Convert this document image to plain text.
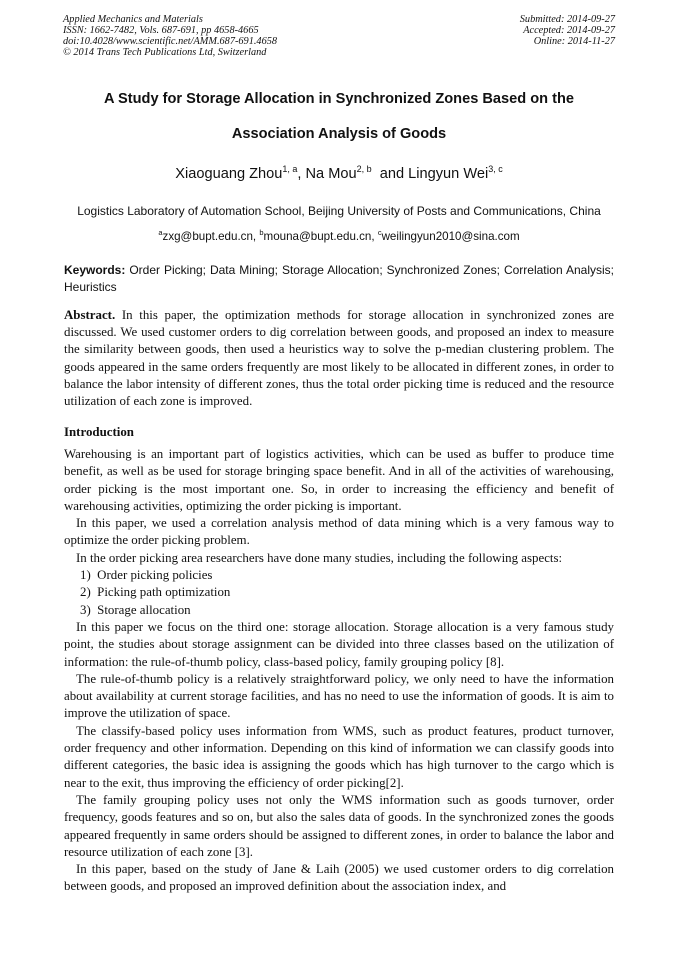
Applied Mechanics and Materials
ISSN: 1662-7482, Vols. 687-691, pp 4658-4665
doi:10.4028/www.scientific.net/AMM.687-691.4658
© 2014 Trans Tech Publications Ltd, Switzerland
Submitted: 2014-09-27
Accepted: 2014-09-27
Online: 2014-11-27
A Study for Storage Allocation in Synchronized Zones Based on the
Association Analysis of Goods
Xiaoguang Zhou$^{1, a}$, Na Mou$^{2, b}$  and Lingyun Wei$^{3, c}$
Logistics Laboratory of Automation School, Beijing University of Posts and Communications, China
$^a$zxg@bupt.edu.cn, $^b$mouna@bupt.edu.cn, $^c$weilingyun2010@sina.com
Keywords: Order Picking; Data Mining; Storage Allocation; Synchronized Zones; Correlation Analysis; Heuristics
Abstract. In this paper, the optimization methods for storage allocation in synchronized zones are discussed. We used customer orders to dig correlation between goods, and proposed an index to measure the similarity between goods, then used a heuristics way to solve the p-median clustering problem. The goods appeared in the same orders frequently are most likely to be allocated in different zones, in order to balance the labor intensity of different zones, thus the total order picking time is reduced and the resource utilization of each zone is improved.
Introduction

Warehousing is an important part of logistics activities, which can be used as buffer to produce time benefit, as well as be used for storage bringing space benefit. And in all of the activities of warehousing, order picking is the most important one. So, in order to increasing the efficiency and benefit of warehousing activities, optimizing the order picking is important.

In this paper, we used a correlation analysis method of data mining which is a very famous way to optimize the order picking problem.

In the order picking area researchers have done many studies, including the following aspects:

1)  Order picking policies
2)  Picking path optimization
3)  Storage allocation

In this paper we focus on the third one: storage allocation. Storage allocation is a very famous study point, the studies about storage assignment can be divided into three classes based on the utilization of information: the rule-of-thumb policy, class-based policy, family grouping policy [8].

The rule-of-thumb policy is a relatively straightforward policy, we only need to have the information about availability at current storage facilities, and has no need to use the information of goods. It is aim to improve the utilization of space.

The classify-based policy uses information from WMS, such as product features, product turnover, order frequency and other information. Depending on this kind of information we can classify goods into different categories, the basic idea is assigning the goods which has high turnover to the cargo which is near to the exit, thus improving the efficiency of order picking[2].

The family grouping policy uses not only the WMS information such as goods turnover, order frequency, goods features and so on, but also the sales data of goods. In the synchronized zones the goods appeared frequently in same orders should be assigned to different zones, in order to balance the labor and resource utilization of each zone [3].

In this paper, based on the study of Jane & Laih (2005) we used customer orders to dig correlation between goods, and proposed an improved definition about the association index, and
